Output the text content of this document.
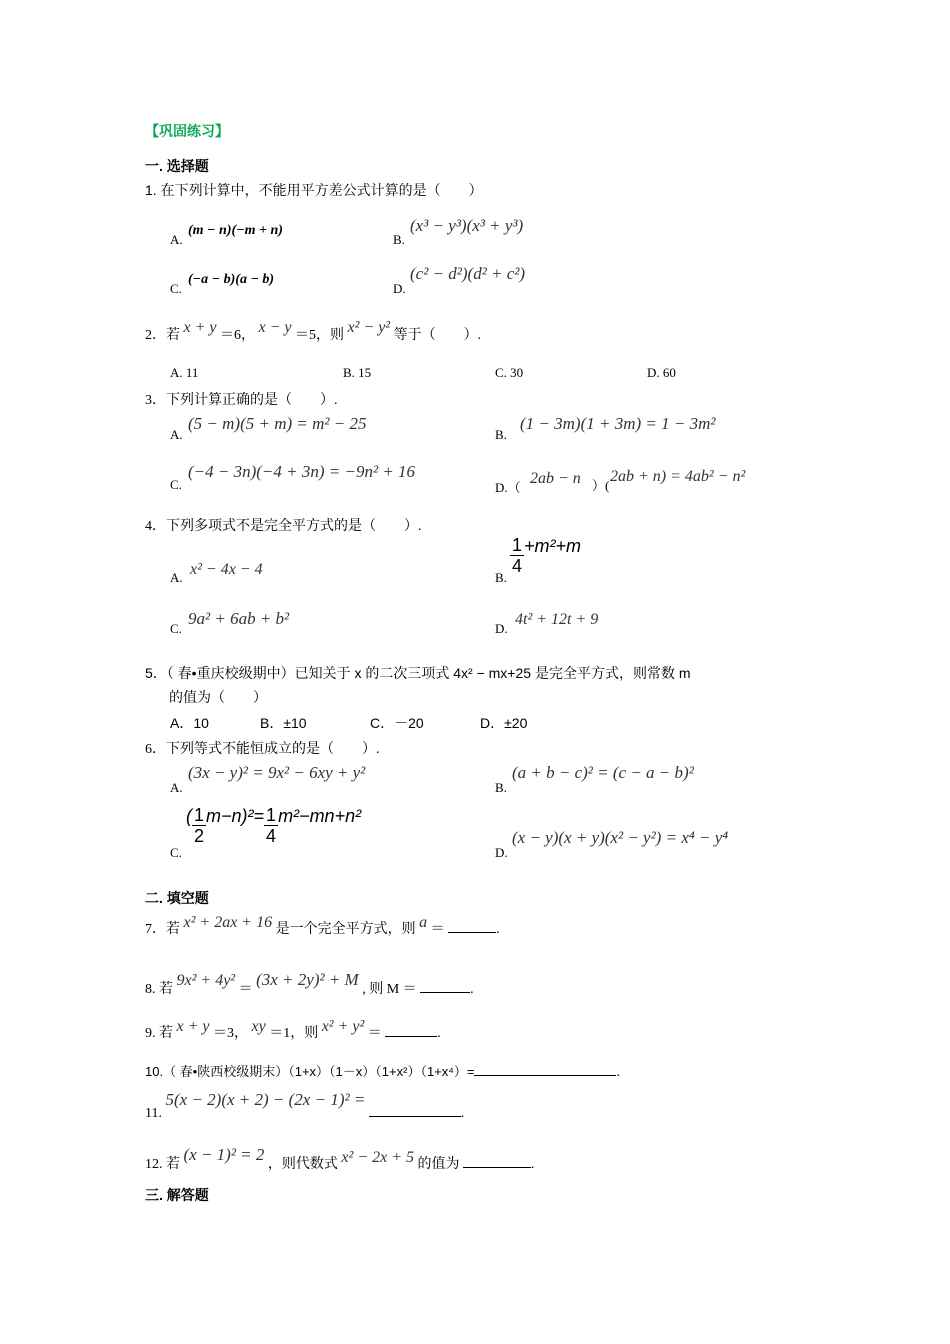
【巩固练习】
一. 选择题
1. 在下列计算中，不能用平方差公式计算的是（　　）
A.
(m − n)(−m + n)
B.
(x³ − y³)(x³ + y³)
C.
(−a − b)(a − b)
D.
(c² − d²)(d² + c²)
2．若 x + y ＝6， x − y ＝5，则 x² − y² 等于（　　）.
A. 11	B. 15	C. 30	D. 60
3．下列计算正确的是（　　）.
A.
(5 − m)(5 + m) = m² − 25
B.
(1 − 3m)(1 + 3m) = 1 − 3m²
C.
(−4 − 3n)(−4 + 3n) = −9n² + 16
D.（
2ab − n ）(
2ab + n) = 4ab² − n²
4．下列多项式不是完全平方式的是（　　）.
A. x² − 4x − 4	B.
$\frac{1}{4} +m^2+m$
C.
9a² + 6ab + b²
D.
4t² + 12t + 9
5．（ 春•重庆校级期中）已知关于 x 的二次三项式 4x² − mx+25 是完全平方式，则常数 m
的值为（　　）
A．10	B．±10	C．－20	D．±20
6．下列等式不能恒成立的是（　　）.
A.
(3x − y)² = 9x² − 6xy + y²
B.
(a + b − c)² = (c − a − b)²
C.
( $\frac{1}{2} m-n)^2= \frac{1}{4} m^2-mn+n^2$
D.
(x − y)(x + y)(x² − y²) = x⁴ − y⁴
二. 填空题
7．若 x² + 2ax + 16 是一个完全平方式，则 a ＝	.
8. 若 9x² + 4y² ＝ (3x + 2y)² + M , 则 M ＝	.
9. 若 x + y ＝3， xy ＝1，则 x² + y² ＝	.
10.（ 春•陕西校级期末）（1+x）（1－x）（1+x²）（1+x⁴）=	.
11. 5(x − 2)(x + 2) − (2x − 1)² = .
12. 若 (x − 1)² = 2 ，则代数式 x² − 2x + 5 的值为	.
三. 解答题
